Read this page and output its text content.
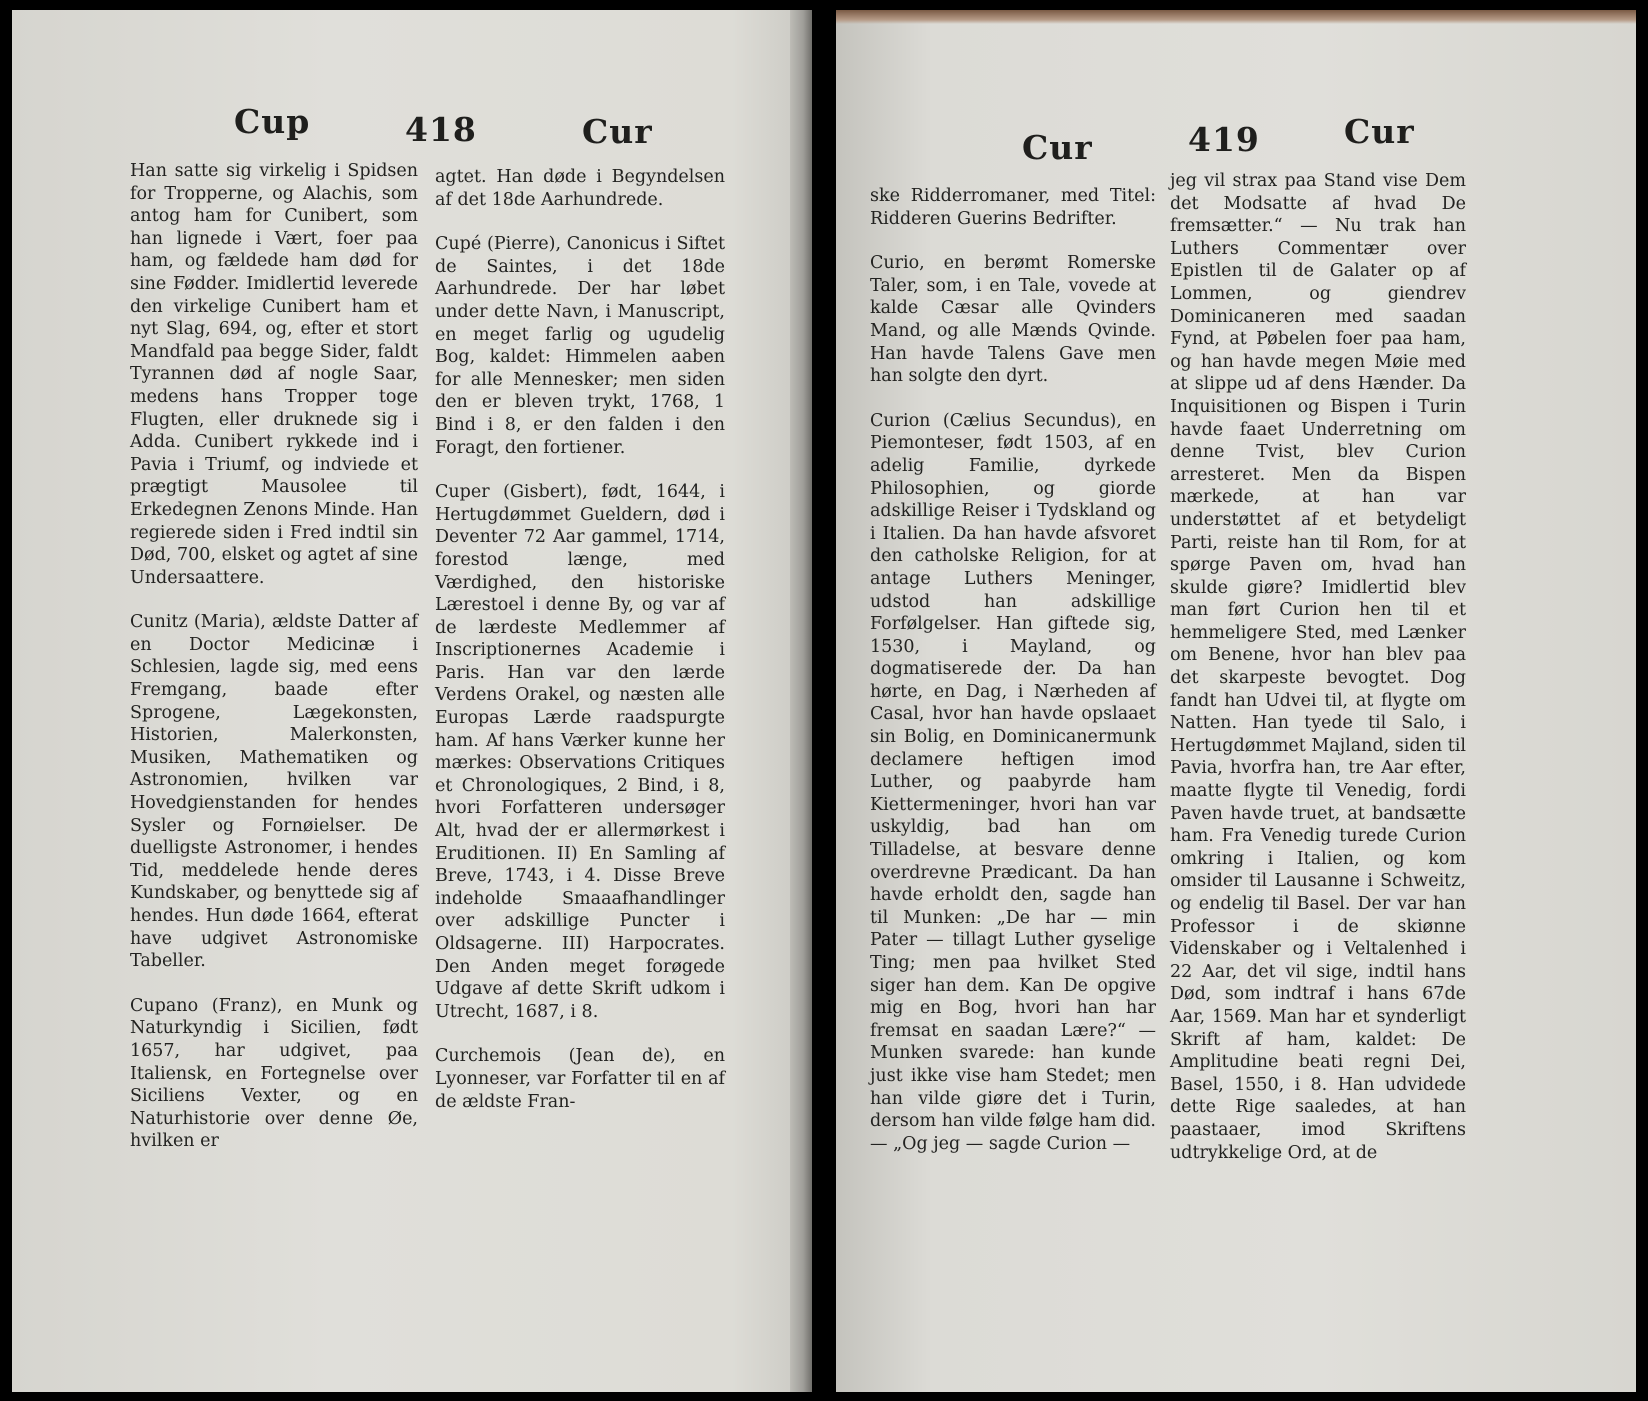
Cup	418	Cur

Han satte sig virkelig i Spidsen for Tropperne, og Alachis, som antog ham for Cunibert, som han lignede i Vært, foer paa ham, og fældede ham død for sine Fødder. Imidlertid leverede den virkelige Cunibert ham et nyt Slag, 694, og, efter et stort Mandfald paa begge Sider, faldt Tyrannen død af nogle Saar, medens hans Tropper toge Flugten, eller druknede sig i Adda. Cunibert rykkede ind i Pavia i Triumf, og indviede et prægtigt Mausolee til Erkedegnen Zenons Minde. Han regierede siden i Fred indtil sin Død, 700, elsket og agtet af sine Undersaattere.

Cunitz (Maria), ældste Datter af en Doctor Medicinæ i Schlesien, lagde sig, med eens Fremgang, baade efter Sprogene, Lægekonsten, Historien, Malerkonsten, Musiken, Mathematiken og Astronomien, hvilken var Hovedgienstanden for hendes Sysler og Fornøielser. De duelligste Astronomer, i hendes Tid, meddelede hende deres Kundskaber, og benyttede sig af hendes. Hun døde 1664, efterat have udgivet Astronomiske Tabeller.

Cupano (Franz), en Munk og Naturkyndig i Sicilien, født 1657, har udgivet, paa Italiensk, en Fortegnelse over Siciliens Vexter, og en Naturhistorie over denne Øe, hvilken er

agtet. Han døde i Begyndelsen af det 18de Aarhundrede.

Cupé (Pierre), Canonicus i Siftet de Saintes, i det 18de Aarhundrede. Der har løbet under dette Navn, i Manuscript, en meget farlig og ugudelig Bog, kaldet: Himmelen aaben for alle Mennesker; men siden den er bleven trykt, 1768, 1 Bind i 8, er den falden i den Foragt, den fortiener.

Cuper (Gisbert), født, 1644, i Hertugdømmet Gueldern, død i Deventer 72 Aar gammel, 1714, forestod længe, med Værdighed, den historiske Lærestoel i denne By, og var af de lærdeste Medlemmer af Inscriptionernes Academie i Paris. Han var den lærde Verdens Orakel, og næsten alle Europas Lærde raadspurgte ham. Af hans Værker kunne her mærkes: Observations Critiques et Chronologiques, 2 Bind, i 8, hvori Forfatteren undersøger Alt, hvad der er allermørkest i Eruditionen. II) En Samling af Breve, 1743, i 4. Disse Breve indeholde Smaaafhandlinger over adskillige Puncter i Oldsagerne. III) Harpocrates. Den Anden meget forøgede Udgave af dette Skrift udkom i Utrecht, 1687, i 8.

Curchemois (Jean de), en Lyonneser, var Forfatter til en af de ældste Fran-

Cur	419	Cur

ske Ridderromaner, med Titel: Ridderen Guerins Bedrifter.

Curio, en berømt Romerske Taler, som, i en Tale, vovede at kalde Cæsar alle Qvinders Mand, og alle Mænds Qvinde. Han havde Talens Gave men han solgte den dyrt.

Curion (Cælius Secundus), en Piemonteser, født 1503, af en adelig Familie, dyrkede Philosophien, og giorde adskillige Reiser i Tydskland og i Italien. Da han havde afsvoret den catholske Religion, for at antage Luthers Meninger, udstod han adskillige Forfølgelser. Han giftede sig, 1530, i Mayland, og dogmatiserede der. Da han hørte, en Dag, i Nærheden af Casal, hvor han havde opslaaet sin Bolig, en Dominicanermunk declamere heftigen imod Luther, og paabyrde ham Kiettermeninger, hvori han var uskyldig, bad han om Tilladelse, at besvare denne overdrevne Prædicant. Da han havde erholdt den, sagde han til Munken: „De har — min Pater — tillagt Luther gyselige Ting; men paa hvilket Sted siger han dem. Kan De opgive mig en Bog, hvori han har fremsat en saadan Lære?“ — Munken svarede: han kunde just ikke vise ham Stedet; men han vilde giøre det i Turin, dersom han vilde følge ham did. — „Og jeg — sagde Curion —

jeg vil strax paa Stand vise Dem det Modsatte af hvad De fremsætter.“ — Nu trak han Luthers Commentær over Epistlen til de Galater op af Lommen, og giendrev Dominicaneren med saadan Fynd, at Pøbelen foer paa ham, og han havde megen Møie med at slippe ud af dens Hænder. Da Inquisitionen og Bispen i Turin havde faaet Underretning om denne Tvist, blev Curion arresteret. Men da Bispen mærkede, at han var understøttet af et betydeligt Parti, reiste han til Rom, for at spørge Paven om, hvad han skulde giøre? Imidlertid blev man ført Curion hen til et hemmeligere Sted, med Lænker om Benene, hvor han blev paa det skarpeste bevogtet. Dog fandt han Udvei til, at flygte om Natten. Han tyede til Salo, i Hertugdømmet Majland, siden til Pavia, hvorfra han, tre Aar efter, maatte flygte til Venedig, fordi Paven havde truet, at bandsætte ham. Fra Venedig turede Curion omkring i Italien, og kom omsider til Lausanne i Schweitz, og endelig til Basel. Der var han Professor i de skiønne Videnskaber og i Veltalenhed i 22 Aar, det vil sige, indtil hans Død, som indtraf i hans 67de Aar, 1569. Man har et synderligt Skrift af ham, kaldet: De Amplitudine beati regni Dei, Basel, 1550, i 8. Han udvidede dette Rige saaledes, at han paastaaer, imod Skriftens udtrykkelige Ord, at de
